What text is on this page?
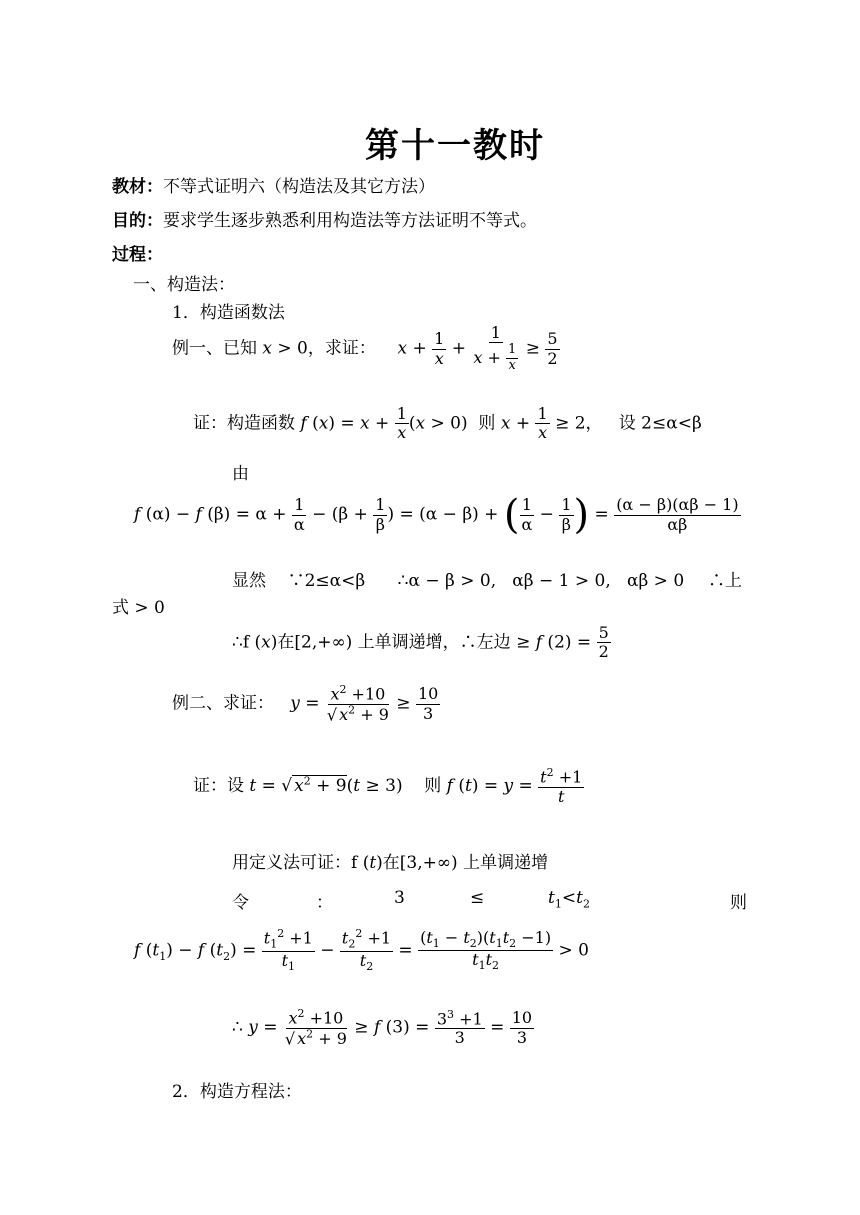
第十一教时
教材：不等式证明六（构造法及其它方法）
目的：要求学生逐步熟悉利用构造法等方法证明不等式。
过程：
一、构造法：
1．构造函数法
例一、已知 x > 0，求证： $x + \frac{1}{x} + \frac{1}{x + \frac{1}{x}} \ge \frac{5}{2}$
证：构造函数 f $(x) = x + \frac{1}{x} (x > 0)$  则 $x + \frac{1}{x} \ge 2$，   设 2≤α<β
由
f (α) − f $(\beta) = \alpha + \frac{1}{\alpha} - (\beta + \frac{1}{\beta}$ ) = (α − β) + ( $\frac{1}{\alpha} - \frac{1}{\beta}$ ) = $\frac{(\alpha - \beta)(\alpha\beta - 1)}{\alpha\beta}$
显然    ∵2≤α<β      ∴α − β > 0,   αβ − 1 > 0,   αβ > 0 ∴上
式 > 0
∴f (x)在[2,+∞) 上单调递增，∴左边 ≥ f $(2) = \frac{5}{2}$
例二、求证： $y = \frac{x^2 +10}{√ x^2 + 9} \ge \frac{10}{3}$
证：设 t = √ $x^2 + 9(t \ge 3)$    则 f $(t) = y = \frac{t^2 +1}{t}$
用定义法可证：f (t)在[3,+∞) 上单调递增
令	：	3	≤	$t_1<t_2$	则
f $(t_1) - f$ $(t_2) = \frac{t_1^2 +1}{t_1} - \frac{t_2^2 +1}{t_2} = \frac{(t_1 - t_2)(t_1t_2 -1)}{t_1t_2} > 0$
∴ $y = \frac{x^2 +10}{√ x^2 + 9} \ge f$ $(3) = \frac{3^3 +1}{3} = \frac{10}{3}$
2．构造方程法：
